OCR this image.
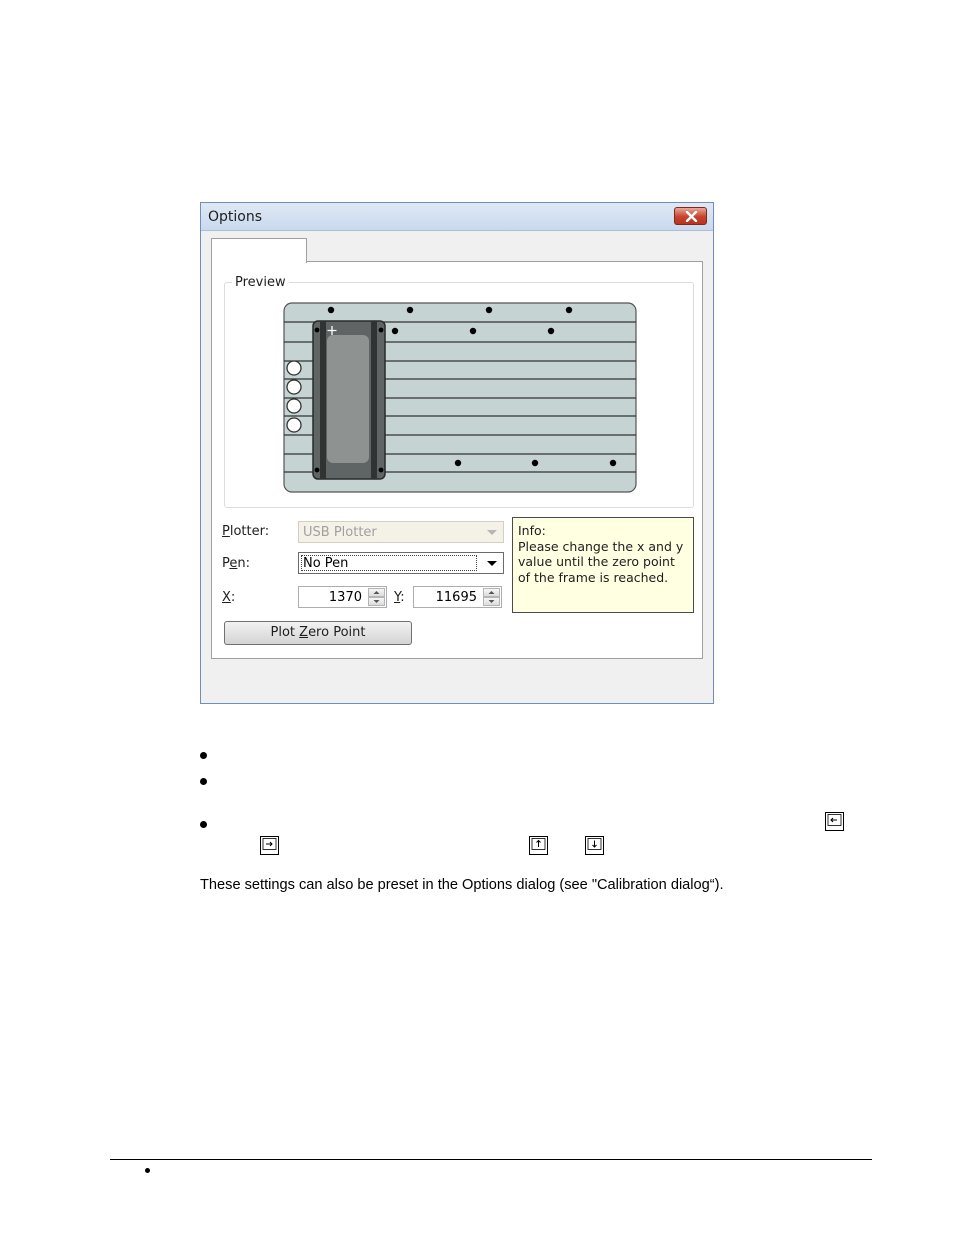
Options
Preview
Plotter:	USB Plotter
Pen:	No Pen
X:	1370 Y: 11695
Info:
Please change the x and y value until the zero point of the frame is reached.
Plot Zero Point
These settings can also be preset in the Options dialog (see "Calibration dialog“).
